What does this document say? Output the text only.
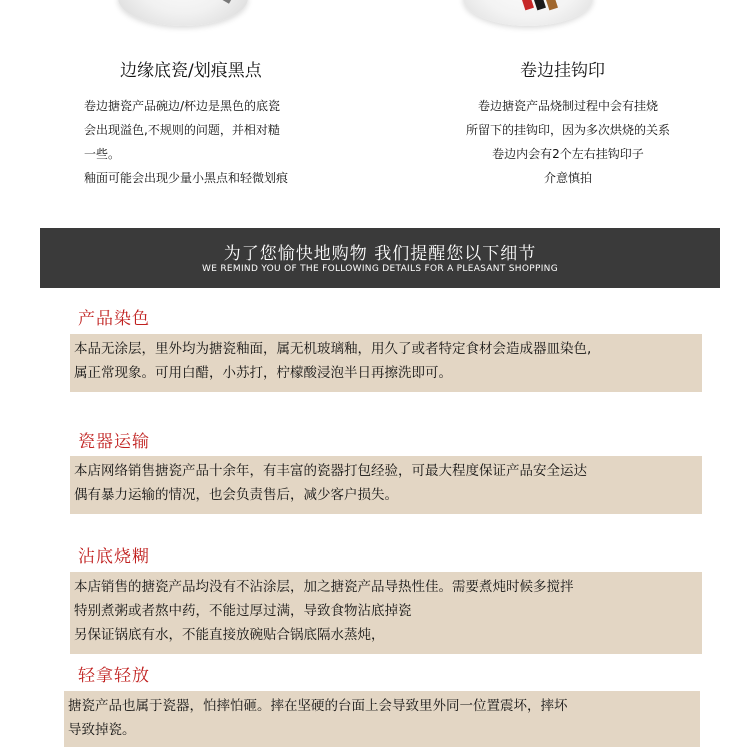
边缘底瓷/划痕黑点
卷边搪瓷产品碗边/杯边是黑色的底瓷
会出现溢色,不规则的问题，并相对糙
一些。
釉面可能会出现少量小黑点和轻微划痕
卷边挂钩印
卷边搪瓷产品烧制过程中会有挂烧
所留下的挂钩印，因为多次烘烧的关系
卷边内会有2个左右挂钩印子
介意慎拍
为了您愉快地购物 我们提醒您以下细节
WE REMIND YOU OF THE FOLLOWING DETAILS FOR A PLEASANT SHOPPING
产品染色
本品无涂层，里外均为搪瓷釉面，属无机玻璃釉，用久了或者特定食材会造成器皿染色,
属正常现象。可用白醋，小苏打，柠檬酸浸泡半日再擦洗即可。
瓷器运输
本店网络销售搪瓷产品十余年，有丰富的瓷器打包经验，可最大程度保证产品安全运达
偶有暴力运输的情况，也会负责售后，减少客户损失。
沾底烧糊
本店销售的搪瓷产品均没有不沾涂层，加之搪瓷产品导热性佳。需要煮炖时候多搅拌
特别煮粥或者熬中药，不能过厚过满，导致食物沾底掉瓷
另保证锅底有水，不能直接放碗贴合锅底隔水蒸炖，
轻拿轻放
搪瓷产品也属于瓷器，怕摔怕砸。摔在坚硬的台面上会导致里外同一位置震坏，摔坏
导致掉瓷。
